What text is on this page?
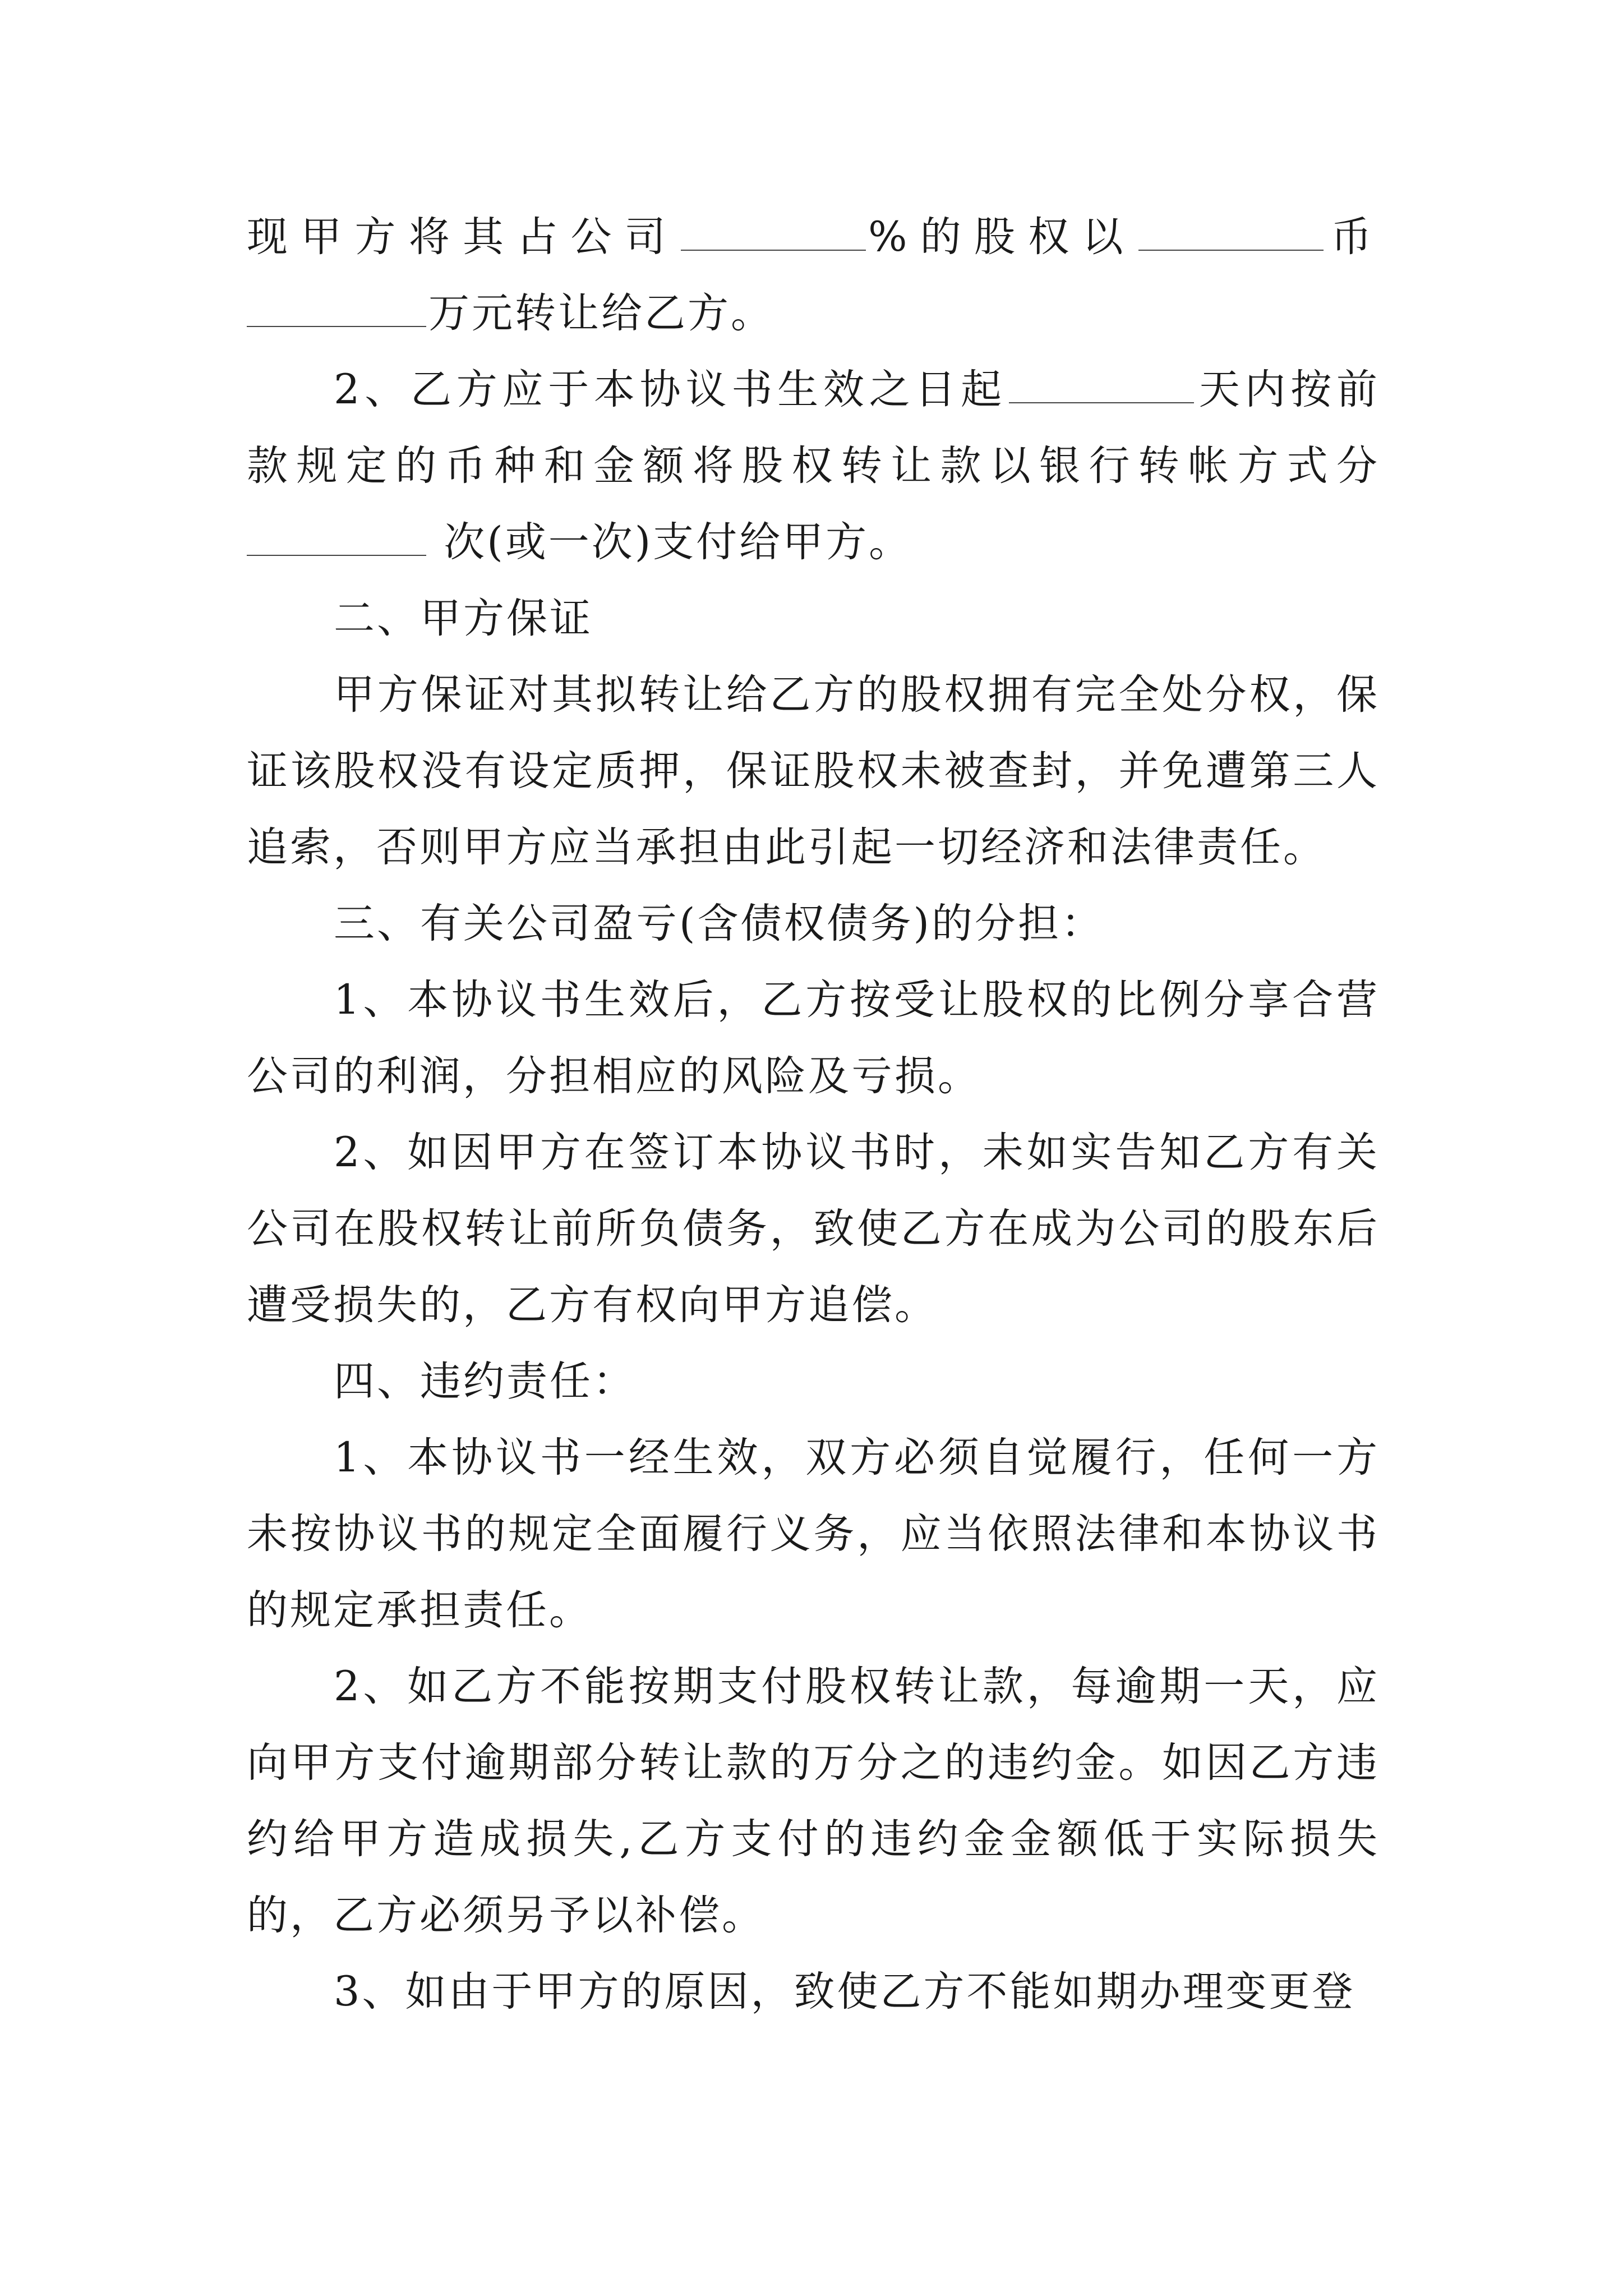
现甲方将其占公司	%的股权以	币

万元转让给乙方。

2、乙方应于本协议书生效之日起	天内按前

款规定的币种和金额将股权转让款以银行转帐方式分

次(或一次)支付给甲方。

二、甲方保证

甲方保证对其拟转让给乙方的股权拥有完全处分权，保证该股权没有设定质押，保证股权未被查封，并免遭第三人追索，否则甲方应当承担由此引起一切经济和法律责任。

三、有关公司盈亏(含债权债务)的分担：

1、本协议书生效后，乙方按受让股权的比例分享合营公司的利润，分担相应的风险及亏损。

2、如因甲方在签订本协议书时，未如实告知乙方有关公司在股权转让前所负债务，致使乙方在成为公司的股东后遭受损失的，乙方有权向甲方追偿。

四、违约责任：

1、本协议书一经生效，双方必须自觉履行，任何一方未按协议书的规定全面履行义务，应当依照法律和本协议书的规定承担责任。

2、如乙方不能按期支付股权转让款，每逾期一天，应向甲方支付逾期部分转让款的万分之的违约金。如因乙方违约给甲方造成损失,乙方支付的违约金金额低于实际损失的，乙方必须另予以补偿。

3、如由于甲方的原因，致使乙方不能如期办理变更登
